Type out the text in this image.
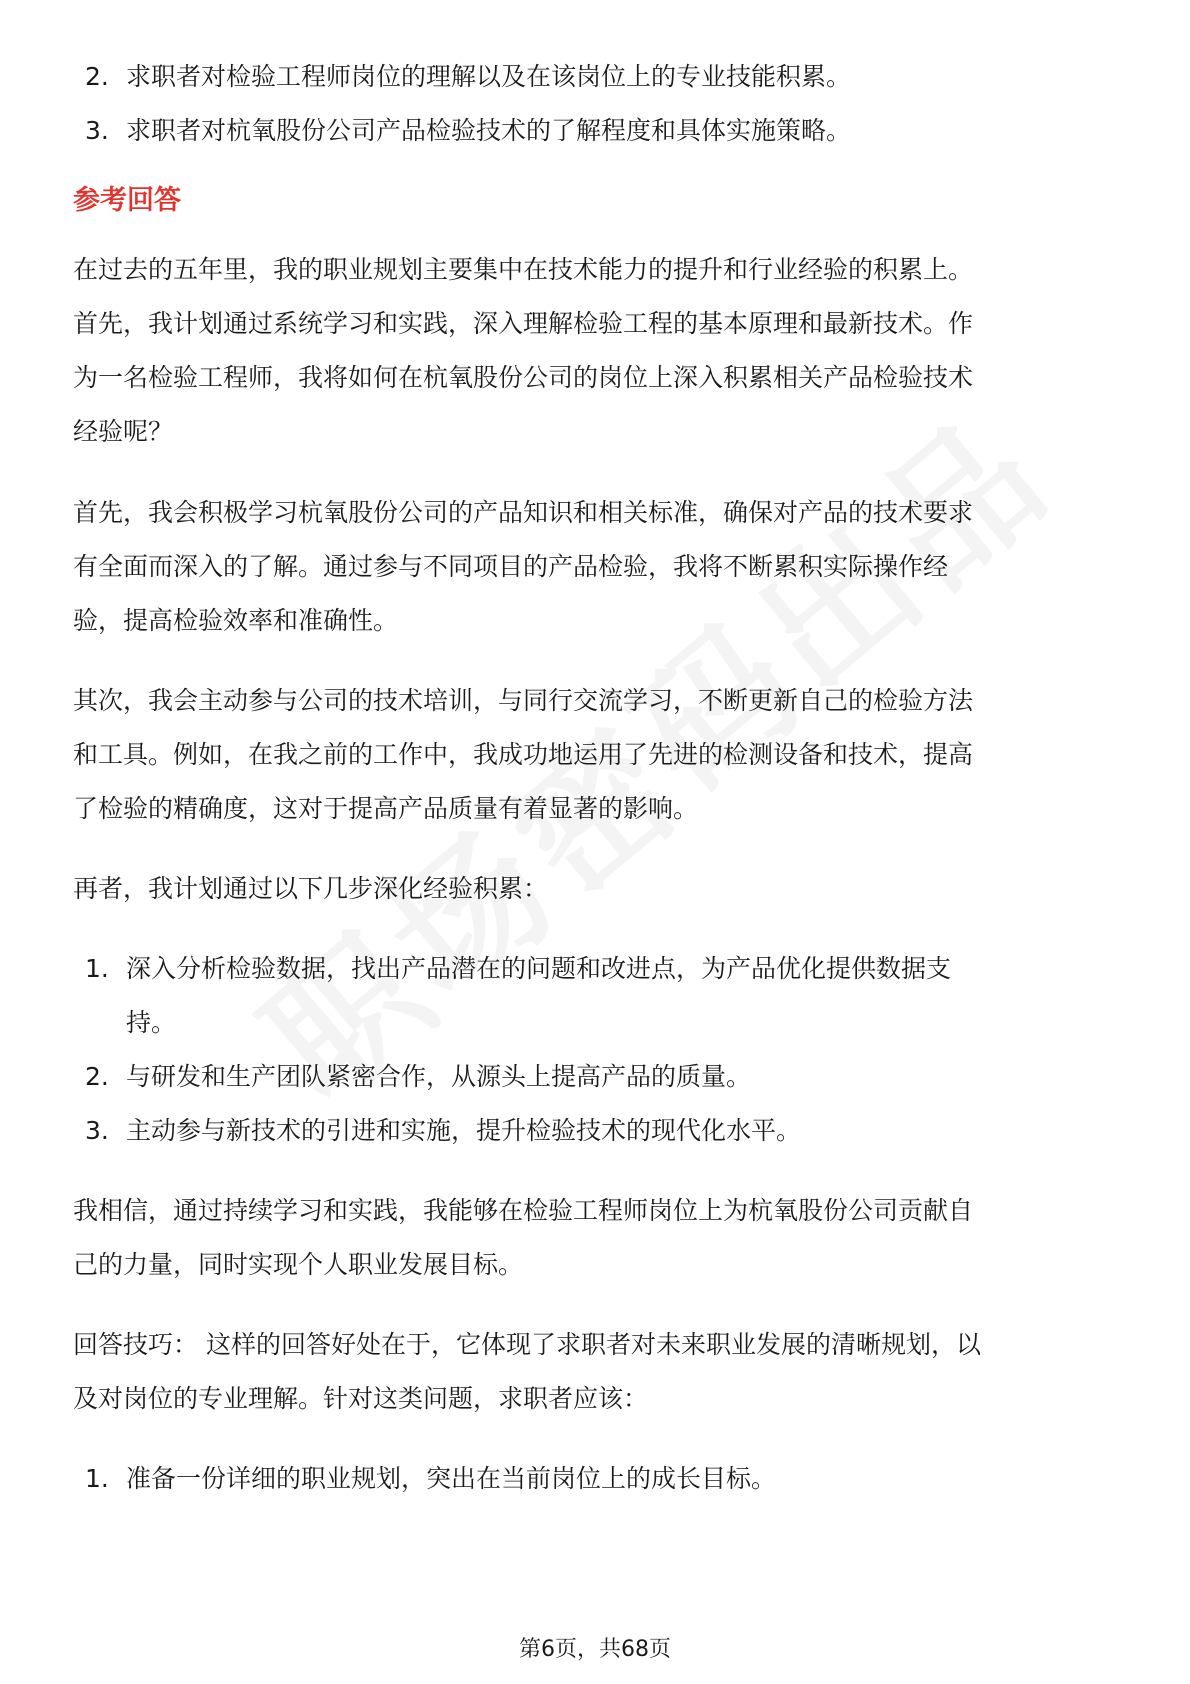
2. 求职者对检验工程师岗位的理解以及在该岗位上的专业技能积累。
3. 求职者对杭氧股份公司产品检验技术的了解程度和具体实施策略。
参考回答
在过去的五年里，我的职业规划主要集中在技术能力的提升和行业经验的积累上。
首先，我计划通过系统学习和实践，深入理解检验工程的基本原理和最新技术。作
为一名检验工程师，我将如何在杭氧股份公司的岗位上深入积累相关产品检验技术
经验呢？
首先，我会积极学习杭氧股份公司的产品知识和相关标准，确保对产品的技术要求
有全面而深入的了解。通过参与不同项目的产品检验，我将不断累积实际操作经
验，提高检验效率和准确性。
其次，我会主动参与公司的技术培训，与同行交流学习，不断更新自己的检验方法
和工具。例如，在我之前的工作中，我成功地运用了先进的检测设备和技术，提高
了检验的精确度，这对于提高产品质量有着显著的影响。
再者，我计划通过以下几步深化经验积累：
1. 深入分析检验数据，找出产品潜在的问题和改进点，为产品优化提供数据支
持。
2. 与研发和生产团队紧密合作，从源头上提高产品的质量。
3. 主动参与新技术的引进和实施，提升检验技术的现代化水平。
我相信，通过持续学习和实践，我能够在检验工程师岗位上为杭氧股份公司贡献自
己的力量，同时实现个人职业发展目标。
回答技巧： 这样的回答好处在于，它体现了求职者对未来职业发展的清晰规划，以
及对岗位的专业理解。针对这类问题，求职者应该：
1. 准备一份详细的职业规划，突出在当前岗位上的成长目标。
第6页，共68页
